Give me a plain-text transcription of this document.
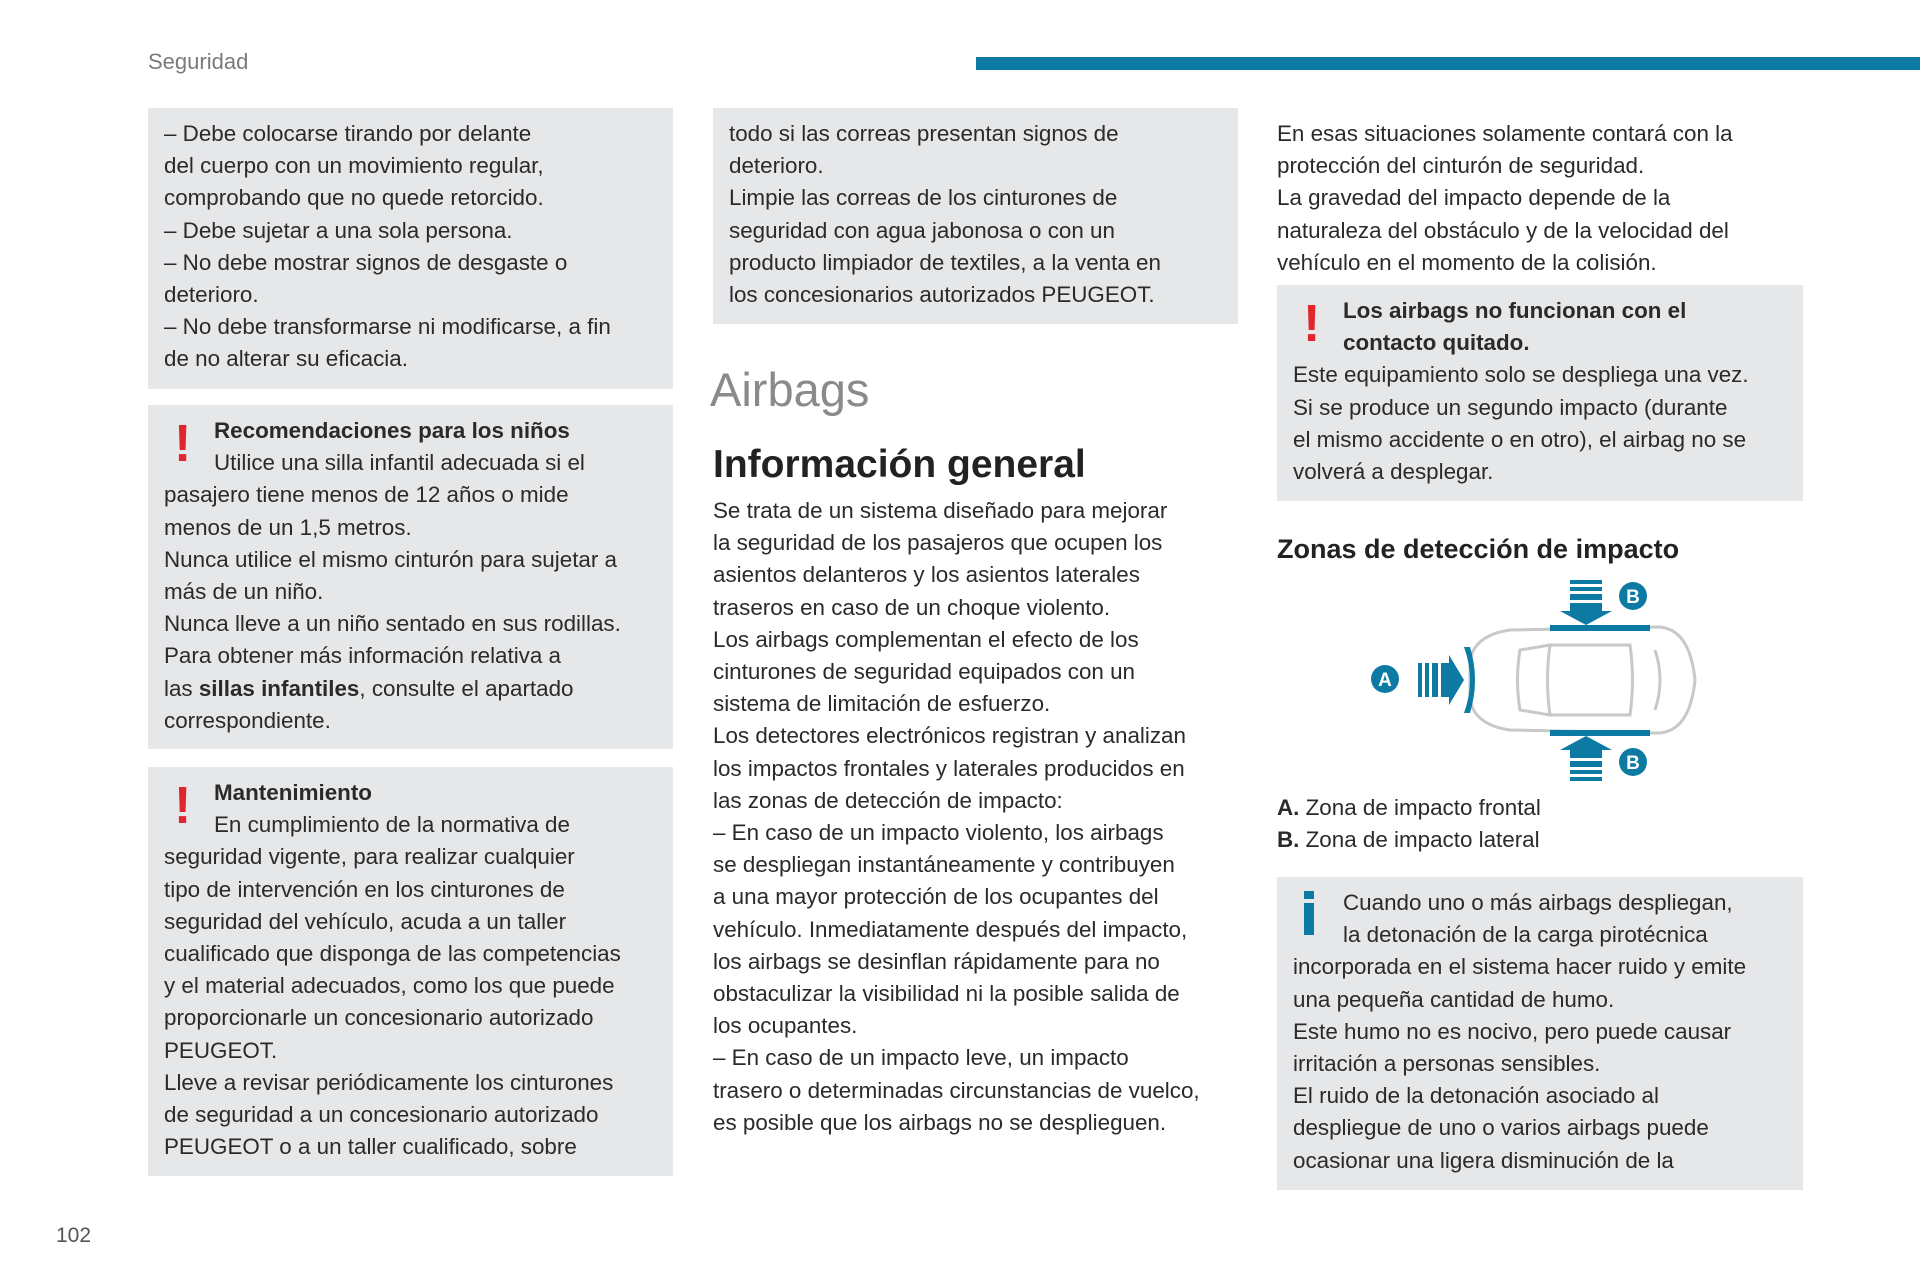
Seguridad
102
– Debe colocarse tirando por delante
del cuerpo con un movimiento regular,
comprobando que no quede retorcido.
– Debe sujetar a una sola persona.
– No debe mostrar signos de desgaste o
deterioro.
– No debe transformarse ni modificarse, a fin
de no alterar su eficacia.
!	Recomendaciones para los niños
Utilice una silla infantil adecuada si el
pasajero tiene menos de 12 años o mide
menos de un 1,5 metros.
Nunca utilice el mismo cinturón para sujetar a
más de un niño.
Nunca lleve a un niño sentado en sus rodillas.
Para obtener más información relativa a
las sillas infantiles, consulte el apartado
correspondiente.
!	Mantenimiento
En cumplimiento de la normativa de
seguridad vigente, para realizar cualquier
tipo de intervención en los cinturones de
seguridad del vehículo, acuda a un taller
cualificado que disponga de las competencias
y el material adecuados, como los que puede
proporcionarle un concesionario autorizado
PEUGEOT.
Lleve a revisar periódicamente los cinturones
de seguridad a un concesionario autorizado
PEUGEOT o a un taller cualificado, sobre
todo si las correas presentan signos de
deterioro.
Limpie las correas de los cinturones de
seguridad con agua jabonosa o con un
producto limpiador de textiles, a la venta en
los concesionarios autorizados PEUGEOT.
Airbags
Información general
Se trata de un sistema diseñado para mejorar
la seguridad de los pasajeros que ocupen los
asientos delanteros y los asientos laterales
traseros en caso de un choque violento.
Los airbags complementan el efecto de los
cinturones de seguridad equipados con un
sistema de limitación de esfuerzo.
Los detectores electrónicos registran y analizan
los impactos frontales y laterales producidos en
las zonas de detección de impacto:
– En caso de un impacto violento, los airbags
se despliegan instantáneamente y contribuyen
a una mayor protección de los ocupantes del
vehículo. Inmediatamente después del impacto,
los airbags se desinflan rápidamente para no
obstaculizar la visibilidad ni la posible salida de
los ocupantes.
– En caso de un impacto leve, un impacto
trasero o determinadas circunstancias de vuelco,
es posible que los airbags no se desplieguen.
En esas situaciones solamente contará con la
protección del cinturón de seguridad.
La gravedad del impacto depende de la
naturaleza del obstáculo y de la velocidad del
vehículo en el momento de la colisión.
!	Los airbags no funcionan con el
contacto quitado.
Este equipamiento solo se despliega una vez.
Si se produce un segundo impacto (durante
el mismo accidente o en otro), el airbag no se
volverá a desplegar.
Zonas de detección de impacto
A
B
B
A. Zona de impacto frontal
B. Zona de impacto lateral
Cuando uno o más airbags despliegan,
la detonación de la carga pirotécnica
incorporada en el sistema hacer ruido y emite
una pequeña cantidad de humo.
Este humo no es nocivo, pero puede causar
irritación a personas sensibles.
El ruido de la detonación asociado al
despliegue de uno o varios airbags puede
ocasionar una ligera disminución de la
